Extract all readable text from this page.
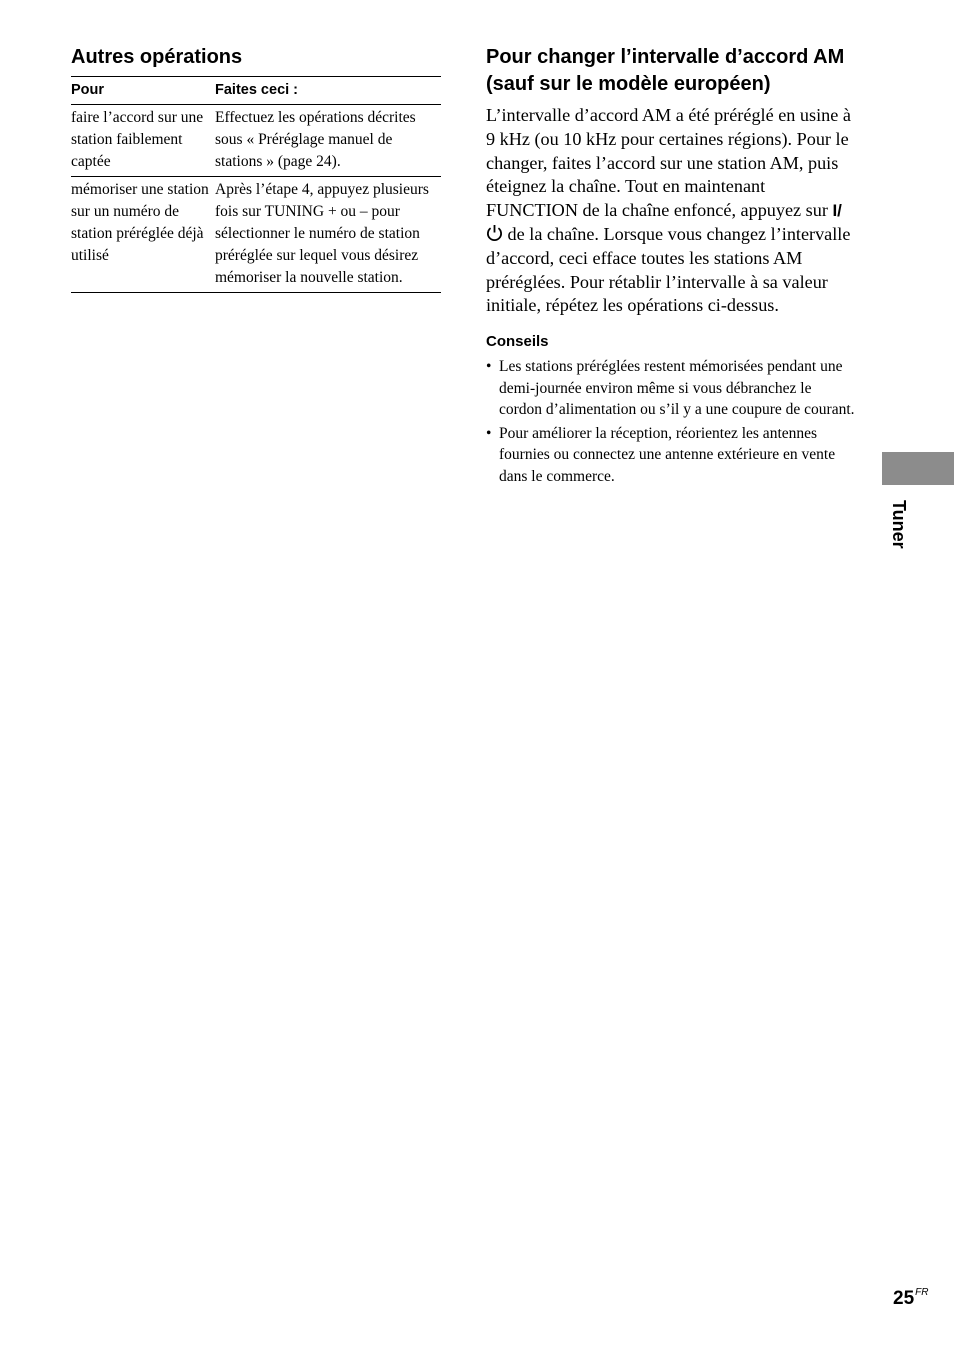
Autres opérations
Pour	Faites ceci :
faire l’accord sur une station faiblement captée	Effectuez les opérations décrites sous « Préréglage manuel de stations » (page 24).
mémoriser une station sur un numéro de station préréglée déjà utilisé	Après l’étape 4, appuyez plusieurs fois sur TUNING + ou – pour sélectionner le numéro de station préréglée sur lequel vous désirez mémoriser la nouvelle station.
Pour changer l’intervalle d’accord AM (sauf sur le modèle européen)

L’intervalle d’accord AM a été préréglé en usine à 9 kHz (ou 10 kHz pour certaines régions). Pour le changer, faites l’accord sur une station AM, puis éteignez la chaîne. Tout en maintenant FUNCTION de la chaîne enfoncé, appuyez sur I/ de la chaîne. Lorsque vous changez l’intervalle d’accord, ceci efface toutes les stations AM préréglées. Pour rétablir l’intervalle à sa valeur initiale, répétez les opérations ci-dessus.

Conseils
• Les stations préréglées restent mémorisées pendant une demi-journée environ même si vous débranchez le cordon d’alimentation ou s’il y a une coupure de courant.
• Pour améliorer la réception, réorientez les antennes fournies ou connectez une antenne extérieure en vente dans le commerce.
Tuner
$25^{FR}$
